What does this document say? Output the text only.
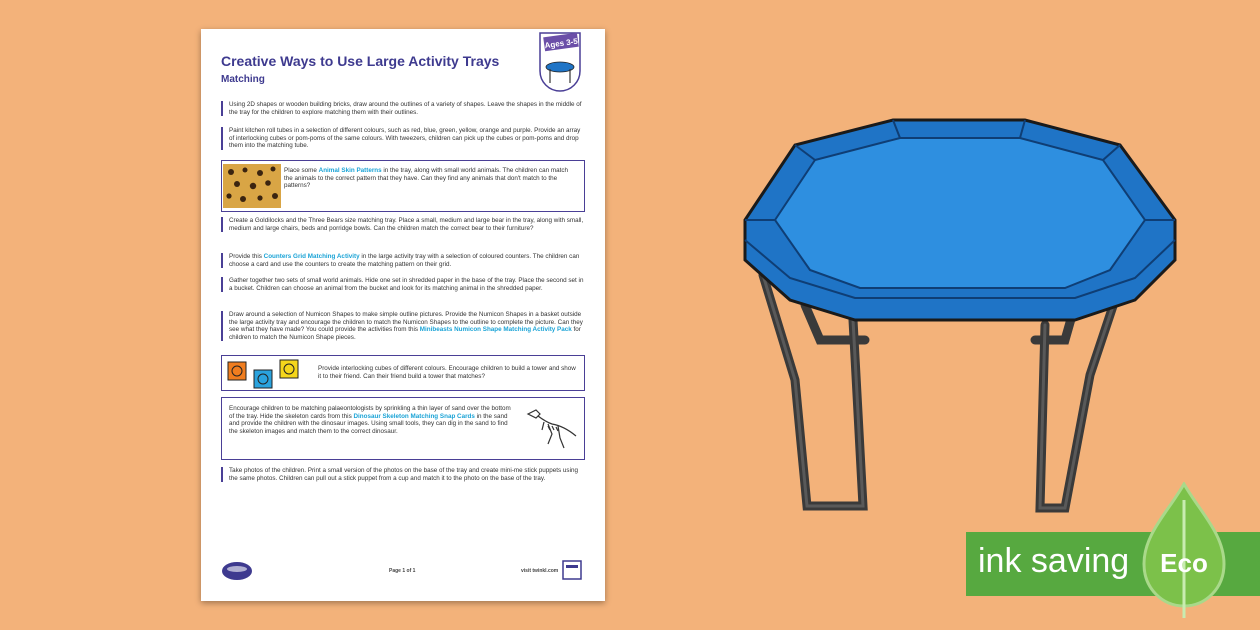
Creative Ways to Use Large Activity Trays
Matching
Ages 3-5
Using 2D shapes or wooden building bricks, draw around the outlines of a variety of shapes. Leave the shapes in the middle of the tray for the children to explore matching them with their outlines.
Paint kitchen roll tubes in a selection of different colours, such as red, blue, green, yellow, orange and purple. Provide an array of interlocking cubes or pom-poms of the same colours. With tweezers, children can pick up the cubes or pom-poms and drop them into the matching tube.
Place some Animal Skin Patterns in the tray, along with small world animals. The children can match the animals to the correct pattern that they have. Can they find any animals that don't match to the patterns?
Create a Goldilocks and the Three Bears size matching tray. Place a small, medium and large bear in the tray, along with small, medium and large chairs, beds and porridge bowls. Can the children match the correct bear to their furniture?
Provide this Counters Grid Matching Activity in the large activity tray with a selection of coloured counters. The children can choose a card and use the counters to create the matching pattern on their grid.
Gather together two sets of small world animals. Hide one set in shredded paper in the base of the tray. Place the second set in a bucket. Children can choose an animal from the bucket and look for its matching animal in the shredded paper.
Draw around a selection of Numicon Shapes to make simple outline pictures. Provide the Numicon Shapes in a basket outside the large activity tray and encourage the children to match the Numicon Shapes to the outline to complete the picture. Can they see what they have made? You could provide the activities from this Minibeasts Numicon Shape Matching Activity Pack for children to match the Numicon Shape pieces.
Provide interlocking cubes of different colours. Encourage children to build a tower and show it to their friend. Can their friend build a tower that matches?
Encourage children to be matching palaeontologists by sprinkling a thin layer of sand over the bottom of the tray. Hide the skeleton cards from this Dinosaur Skeleton Matching Snap Cards in the sand and provide the children with the dinosaur images. Using small tools, they can dig in the sand to find the skeleton images and match them to the correct dinosaur.
Take photos of the children. Print a small version of the photos on the base of the tray and create mini-me stick puppets using the same photos. Children can pull out a stick puppet from a cup and match it to the photo on the base of the tray.
Page 1 of 1	visit twinkl.com	ink saving Eco
